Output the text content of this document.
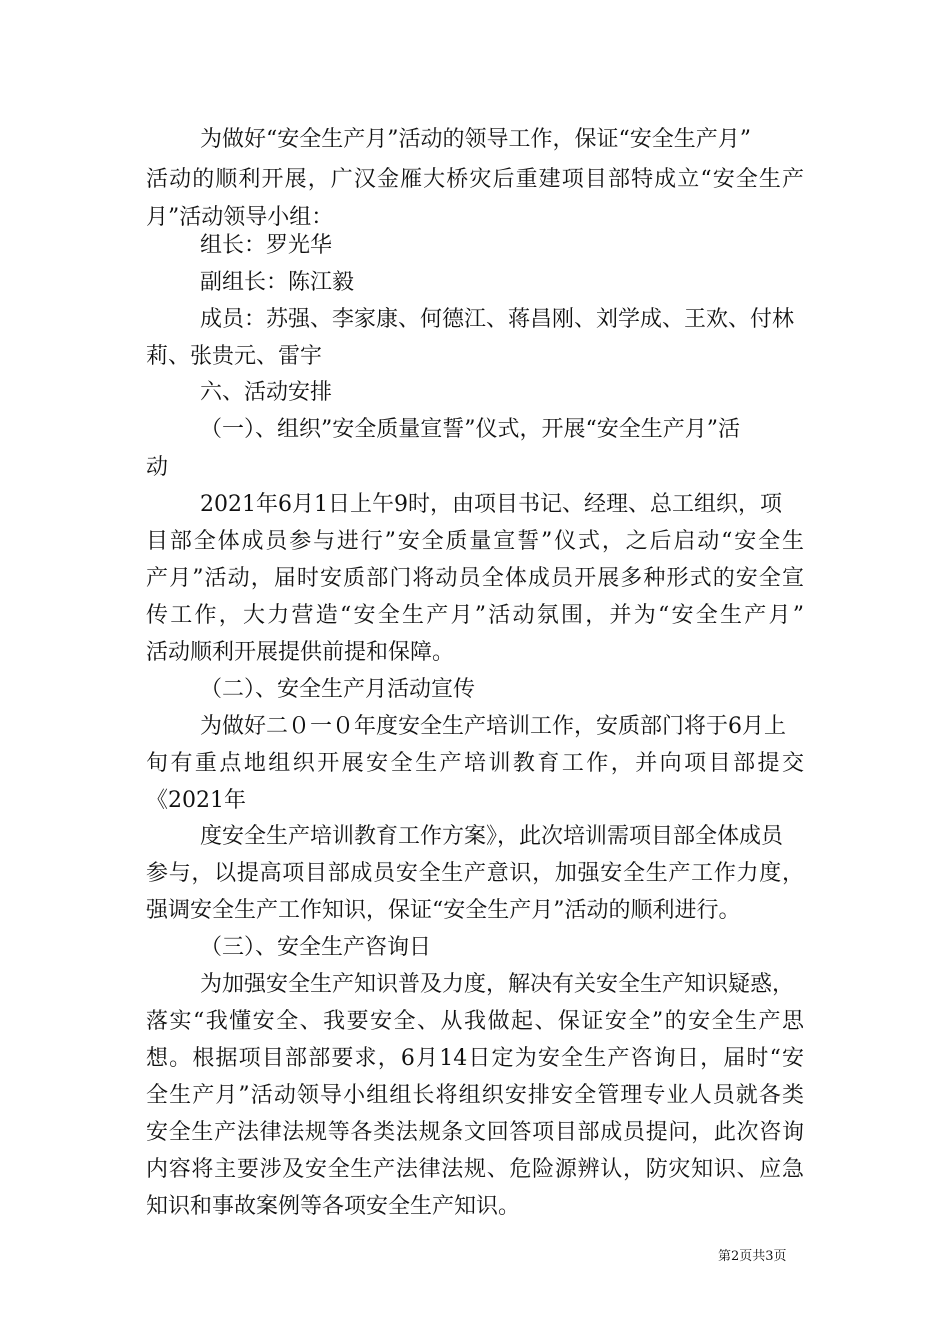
为做好“安全生产月”活动的领导工作，保证“安全生产月”
活动的顺利开展，广汉金雁大桥灾后重建项目部特成立“安全生产
月”活动领导小组：
组长：罗光华
副组长：陈江毅
成员：苏强、李家康、何德江、蒋昌刚、刘学成、王欢、付林
莉、张贵元、雷宇
六、活动安排
（一）、组织”安全质量宣誓”仪式，开展“安全生产月”活
动
2021年6月1日上午9时，由项目书记、经理、总工组织，项
目部全体成员参与进行”安全质量宣誓”仪式，之后启动“安全生
产月”活动，届时安质部门将动员全体成员开展多种形式的安全宣
传工作，大力营造“安全生产月”活动氛围，并为“安全生产月”
活动顺利开展提供前提和保障。
（二）、安全生产月活动宣传
为做好二０一０年度安全生产培训工作，安质部门将于6月上
旬有重点地组织开展安全生产培训教育工作，并向项目部提交
《2021年
度安全生产培训教育工作方案》，此次培训需项目部全体成员
参与，以提高项目部成员安全生产意识，加强安全生产工作力度，
强调安全生产工作知识，保证“安全生产月”活动的顺利进行。
（三）、安全生产咨询日
为加强安全生产知识普及力度，解决有关安全生产知识疑惑，
落实“我懂安全、我要安全、从我做起、保证安全”的安全生产思
想。根据项目部部要求，6月14日定为安全生产咨询日，届时“安
全生产月”活动领导小组组长将组织安排安全管理专业人员就各类
安全生产法律法规等各类法规条文回答项目部成员提问，此次咨询
内容将主要涉及安全生产法律法规、危险源辨认，防灾知识、应急
知识和事故案例等各项安全生产知识。
第2页共3页
